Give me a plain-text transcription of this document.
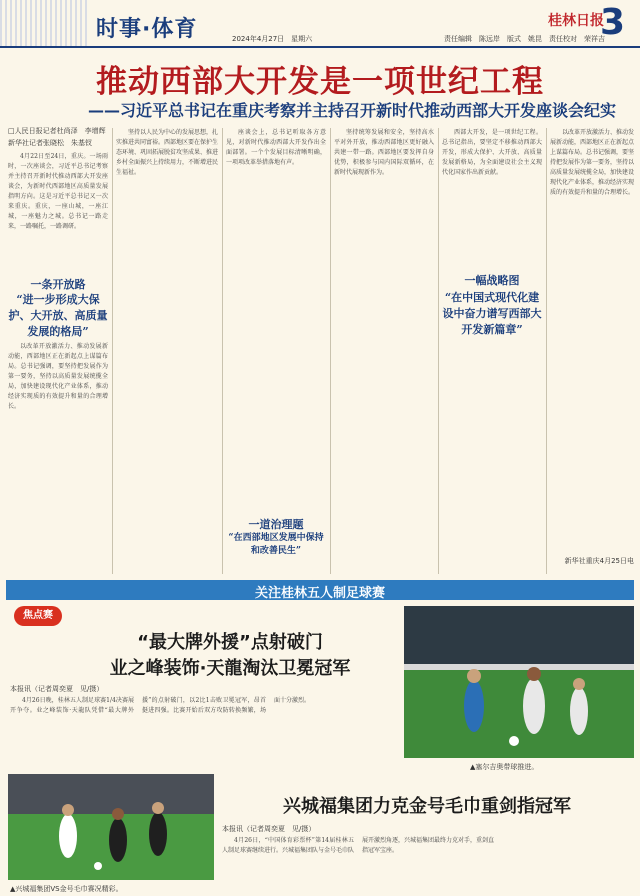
时事·体育	2024年4月27日　星期六	责任编辑　陈远岸　版式　姚昆　责任校对　荣祥吉
桂林日报
3
推动西部大开发是一项世纪工程
——习近平总书记在重庆考察并主持召开新时代推动西部大开发座谈会纪实
□人民日报记者杜尚泽　李增辉
新华社记者张晓松　朱基钗

4月22日至24日，重庆。一场雨时，一次座谈会，习近平总书记考察并主持召开新时代推动西部大开发座谈会，为新时代西部地区高质量发展指明方向。这是习近平总书记又一次来重庆。重庆，一座山城，一座江城，一座魅力之城。总书记一路走来，一路嘱托，一路调研。

一条开放路
“进一步形成大保护、大开放、高质量发展的格局”

以改革开放激活力、推动发展新动能，西部地区正在新起点上谋篇布局。总书记强调，要坚持把发展作为第一要务，坚持以高质量发展统揽全局，加快建设现代化产业体系，推动经济实现质的有效提升和量的合理增长。

坚持以人民为中心的发展思想，扎实推进共同富裕。西部地区要在保护生态环境、巩固拓展脱贫攻坚成果、推进乡村全面振兴上持续用力，不断增进民生福祉。

座谈会上，总书记听取各方意见，对新时代推动西部大开发作出全面部署。一个个发展目标清晰明确，一项项改革举措落地有声。

一道治理题
“在西部地区发展中保持和改善民生”

坚持统筹发展和安全，坚持高水平对外开放，推动西部地区更好融入共建一带一路。西部地区要发挥自身优势，积极参与国内国际双循环，在新时代展现新作为。

西部大开发，是一项世纪工程。总书记指出，要坚定不移推动西部大开发，形成大保护、大开放、高质量发展新格局，为全面建设社会主义现代化国家作出新贡献。

一幅战略图
“在中国式现代化建设中奋力谱写西部大开发新篇章”

以改革开放激活力、推动发展新动能，西部地区正在新起点上谋篇布局。总书记强调，要坚持把发展作为第一要务，坚持以高质量发展统揽全局，加快建设现代化产业体系，推动经济实现质的有效提升和量的合理增长。

新华社重庆4月25日电
关注桂林五人制足球赛
焦点赛
“最大牌外援”点射破门
业之峰装饰·天龍淘汰卫冕冠军
本报讯（记者周奕夏　见/摄）

4月26日晚，桂林五人制足球赛1/4决赛展开争夺。业之峰装饰·天龍队凭借“最大牌外援”的点射破门，以2比1击败卫冕冠军，昂首挺进四强。比赛开始后双方攻防转换频繁，场面十分激烈。

▲塞尔吉奥带球推进。
兴城福集团力克金号毛巾重剑指冠军
▲兴城福集团VS金号毛巾赛况精彩。
本报讯（记者周奕夏　见/摄）

4月26日，“中国体育彩票杯”第14届桂林五人制足球赛继续进行。兴城福集团队与金号毛巾队展开激烈角逐，兴城福集团最终力克对手，重剑直指冠军宝座。
